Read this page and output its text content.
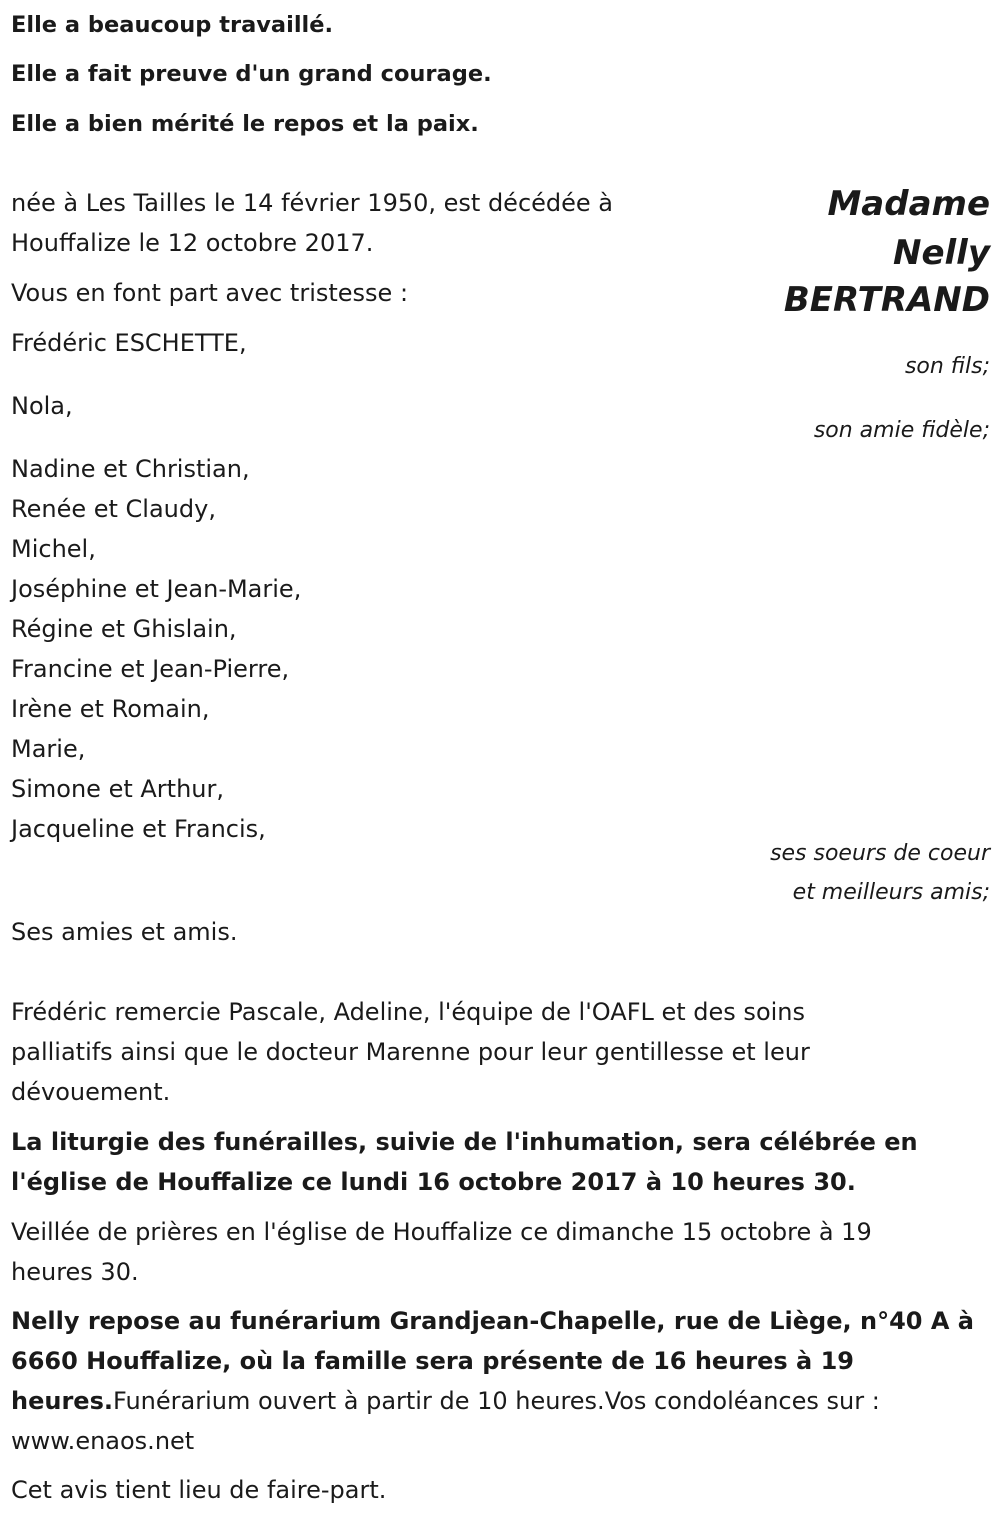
Elle a beaucoup travaillé.
Elle a fait preuve d'un grand courage.
Elle a bien mérité le repos et la paix.
Madame
Nelly
BERTRAND
née à Les Tailles le 14 février 1950, est décédée à
Houffalize le 12 octobre 2017.
Vous en font part avec tristesse :
Frédéric ESCHETTE,
son fils;
Nola,
son amie fidèle;
Nadine et Christian,
Renée et Claudy,
Michel,
Joséphine et Jean-Marie,
Régine et Ghislain,
Francine et Jean-Pierre,
Irène et Romain,
Marie,
Simone et Arthur,
Jacqueline et Francis,
ses soeurs de coeur
et meilleurs amis;
Ses amies et amis.
Frédéric remercie Pascale, Adeline, l'équipe de l'OAFL et des soins
palliatifs ainsi que le docteur Marenne pour leur gentillesse et leur
dévouement.
La liturgie des funérailles, suivie de l'inhumation, sera célébrée en
l'église de Houffalize ce lundi 16 octobre 2017 à 10 heures 30.
Veillée de prières en l'église de Houffalize ce dimanche 15 octobre à 19
heures 30.
Nelly repose au funérarium Grandjean-Chapelle, rue de Liège, n°40 A à
6660 Houffalize, où la famille sera présente de 16 heures à 19
heures.Funérarium ouvert à partir de 10 heures.Vos condoléances sur :
www.enaos.net
Cet avis tient lieu de faire-part.
